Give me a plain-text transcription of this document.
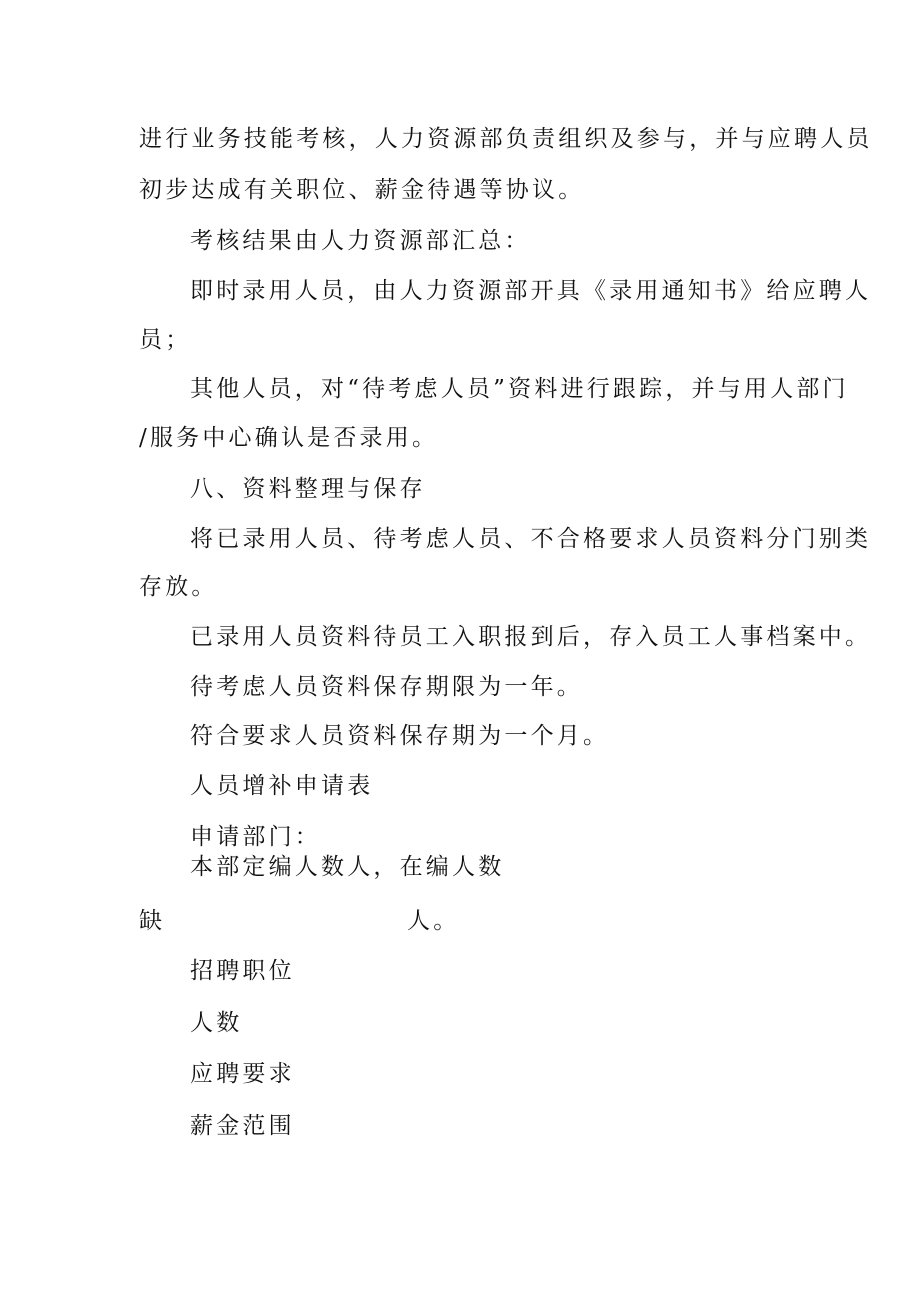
进行业务技能考核，人力资源部负责组织及参与，并与应聘人员
初步达成有关职位、薪金待遇等协议。
考核结果由人力资源部汇总：
即时录用人员，由人力资源部开具《录用通知书》给应聘人
员；
其他人员，对“待考虑人员”资料进行跟踪，并与用人部门
/服务中心确认是否录用。
八、资料整理与保存
将已录用人员、待考虑人员、不合格要求人员资料分门别类
存放。
已录用人员资料待员工入职报到后，存入员工人事档案中。
待考虑人员资料保存期限为一年。
符合要求人员资料保存期为一个月。
人员增补申请表
申请部门：
本部定编人数人，在编人数
缺	人。
招聘职位
人数
应聘要求
薪金范围
